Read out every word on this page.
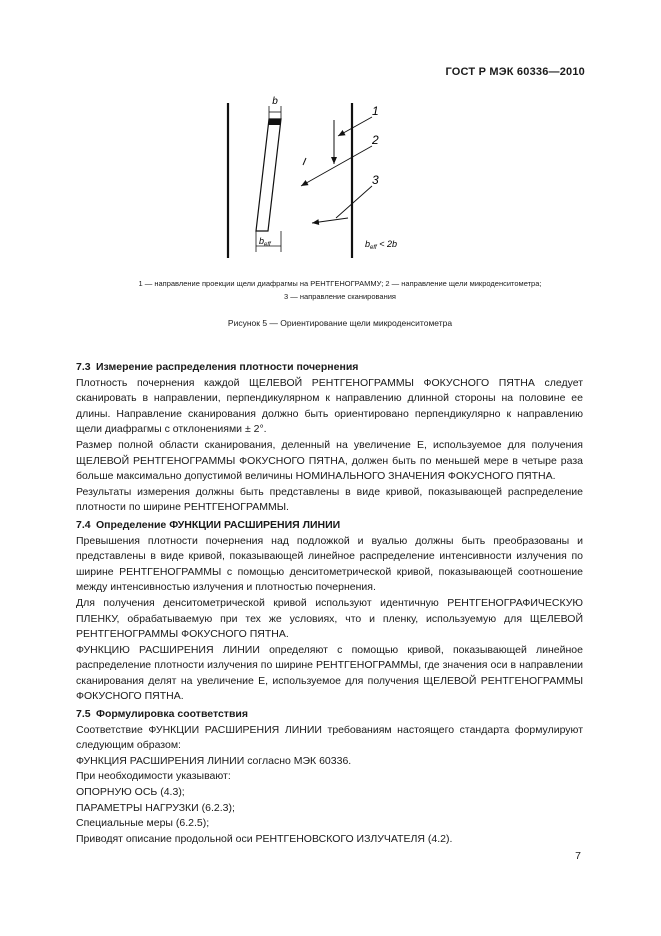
ГОСТ Р МЭК 60336—2010
b
$b_{eff}$	$b_{eff} < 2b$
1
2
3
1 — направление проекции щели диафрагмы на РЕНТГЕНОГРАММУ; 2 — направление щели микроденситометра;
3 — направление сканирования
Рисунок 5 — Ориентирование щели микроденситометра

7.3 Измерение распределения плотности почернения

Плотность почернения каждой ЩЕЛЕВОЙ РЕНТГЕНОГРАММЫ ФОКУСНОГО ПЯТНА следует сканировать в направлении, перпендикулярном к направлению длинной стороны на половине ее длины. Направление сканирования должно быть ориентировано перпендикулярно к направлению щели диафрагмы с отклонениями ± 2°.

Размер полной области сканирования, деленный на увеличение E, используемое для получения ЩЕЛЕВОЙ РЕНТГЕНОГРАММЫ ФОКУСНОГО ПЯТНА, должен быть по меньшей мере в четыре раза больше максимально допустимой величины НОМИНАЛЬНОГО ЗНАЧЕНИЯ ФОКУСНОГО ПЯТНА.

Результаты измерения должны быть представлены в виде кривой, показывающей распределение плотности по ширине РЕНТГЕНОГРАММЫ.

7.4 Определение ФУНКЦИИ РАСШИРЕНИЯ ЛИНИИ

Превышения плотности почернения над подложкой и вуалью должны быть преобразованы и представлены в виде кривой, показывающей линейное распределение интенсивности излучения по ширине РЕНТГЕНОГРАММЫ с помощью денситометрической кривой, показывающей соотношение между интенсивностью излучения и плотностью почернения.

Для получения денситометрической кривой используют идентичную РЕНТГЕНОГРАФИЧЕСКУЮ ПЛЕНКУ, обрабатываемую при тех же условиях, что и пленку, используемую для ЩЕЛЕВОЙ РЕНТГЕНОГРАММЫ ФОКУСНОГО ПЯТНА.

ФУНКЦИЮ РАСШИРЕНИЯ ЛИНИИ определяют с помощью кривой, показывающей линейное распределение плотности излучения по ширине РЕНТГЕНОГРАММЫ, где значения оси в направлении сканирования делят на увеличение E, используемое для получения ЩЕЛЕВОЙ РЕНТГЕНОГРАММЫ ФОКУСНОГО ПЯТНА.

7.5 Формулировка соответствия

Соответствие ФУНКЦИИ РАСШИРЕНИЯ ЛИНИИ требованиям настоящего стандарта формулируют следующим образом:

ФУНКЦИЯ РАСШИРЕНИЯ ЛИНИИ согласно МЭК 60336.

При необходимости указывают:

ОПОРНУЮ ОСЬ (4.3);

ПАРАМЕТРЫ НАГРУЗКИ (6.2.3);

Специальные меры (6.2.5);

Приводят описание продольной оси РЕНТГЕНОВСКОГО ИЗЛУЧАТЕЛЯ (4.2).

7
